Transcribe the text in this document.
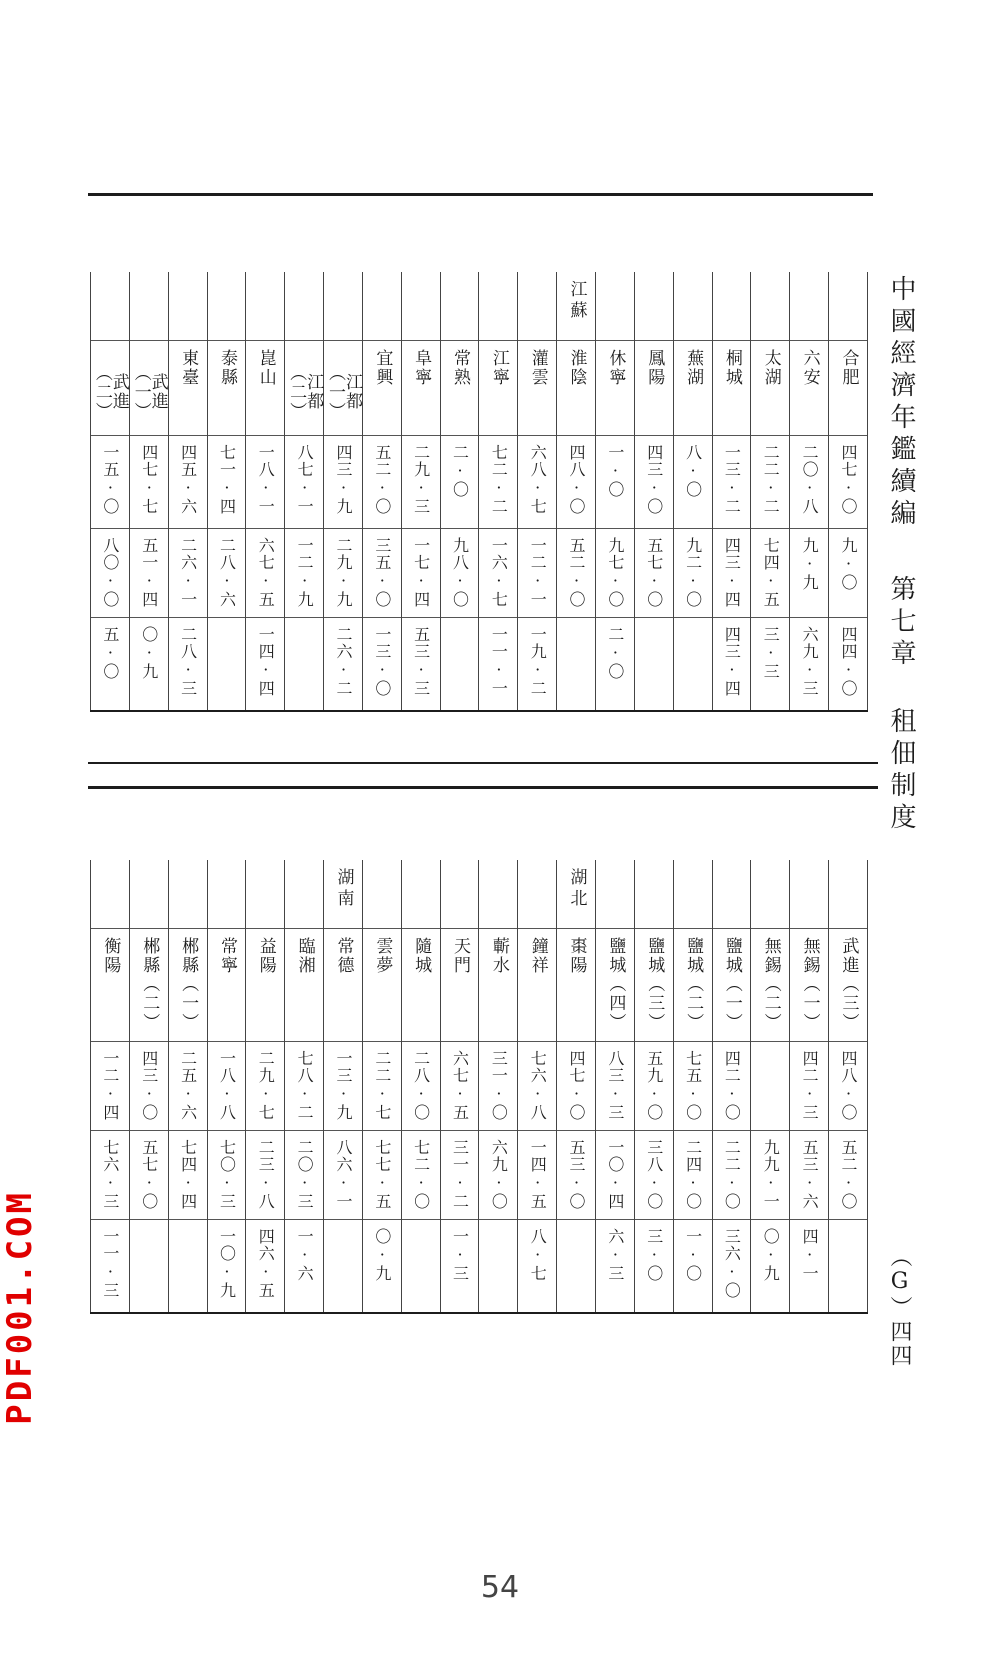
中國經濟年鑑續編
第七章 租佃制度
（G）四四

												江蘇							

武進（二）	武進（一）	東臺	泰縣	崑山	江都（二）	江都（一）	宜興	阜寧	常熟	江寧	灌雲	淮陰	休寧	鳳陽	蕪湖	桐城	太湖	六安	合肥

一五·〇	四七·七	四五·六	七一·四	一八·一	八七·一	四三·九	五二·〇	二九·三	二·〇	七二·二	六八·七	四八·〇	一·〇	四三·〇	八·〇	一三·二	二二·二	二〇·八	四七·〇

八〇·〇	五一·四	二六·一	二八·六	六七·五	一二·九	二九·九	三五·〇	一七·四	九八·〇	一六·七	一二·一	五二·〇	九七·〇	五七·〇	九二·〇	四三·四	七四·五	九·九	九·〇

五·〇	〇·九	二八·三		一四·四		二六·二	一三·〇	五三·三		一一·一	一九·二		二·〇			四三·四	三·三	六九·三	四四·〇

						湖南						湖北							

衡陽	郴縣（二）	郴縣（一）	常寧	益陽	臨湘	常德	雲夢	隨城	天門	蘄水	鐘祥	棗陽	鹽城（四）	鹽城（三）	鹽城（二）	鹽城（一）	無錫（二）	無錫（一）	武進（三）

一二·四	四三·〇	二五·六	一八·八	二九·七	七八·二	一三·九	二二·七	二八·〇	六七·五	三一·〇	七六·八	四七·〇	八三·三	五九·〇	七五·〇	四二·〇		四二·三	四八·〇

七六·三	五七·〇	七四·四	七〇·三	二三·八	二〇·三	八六·一	七七·五	七二·〇	三一·二	六九·〇	一四·五	五三·〇	一〇·四	三八·〇	二四·〇	二二·〇	九九·一	五三·六	五二·〇

一一·三			一〇·九	四六·五	一·六		〇·九		一·三		八·七		六·三	三·〇	一·〇	三六·〇	〇·九	四·一	

54
PDF001.COM
